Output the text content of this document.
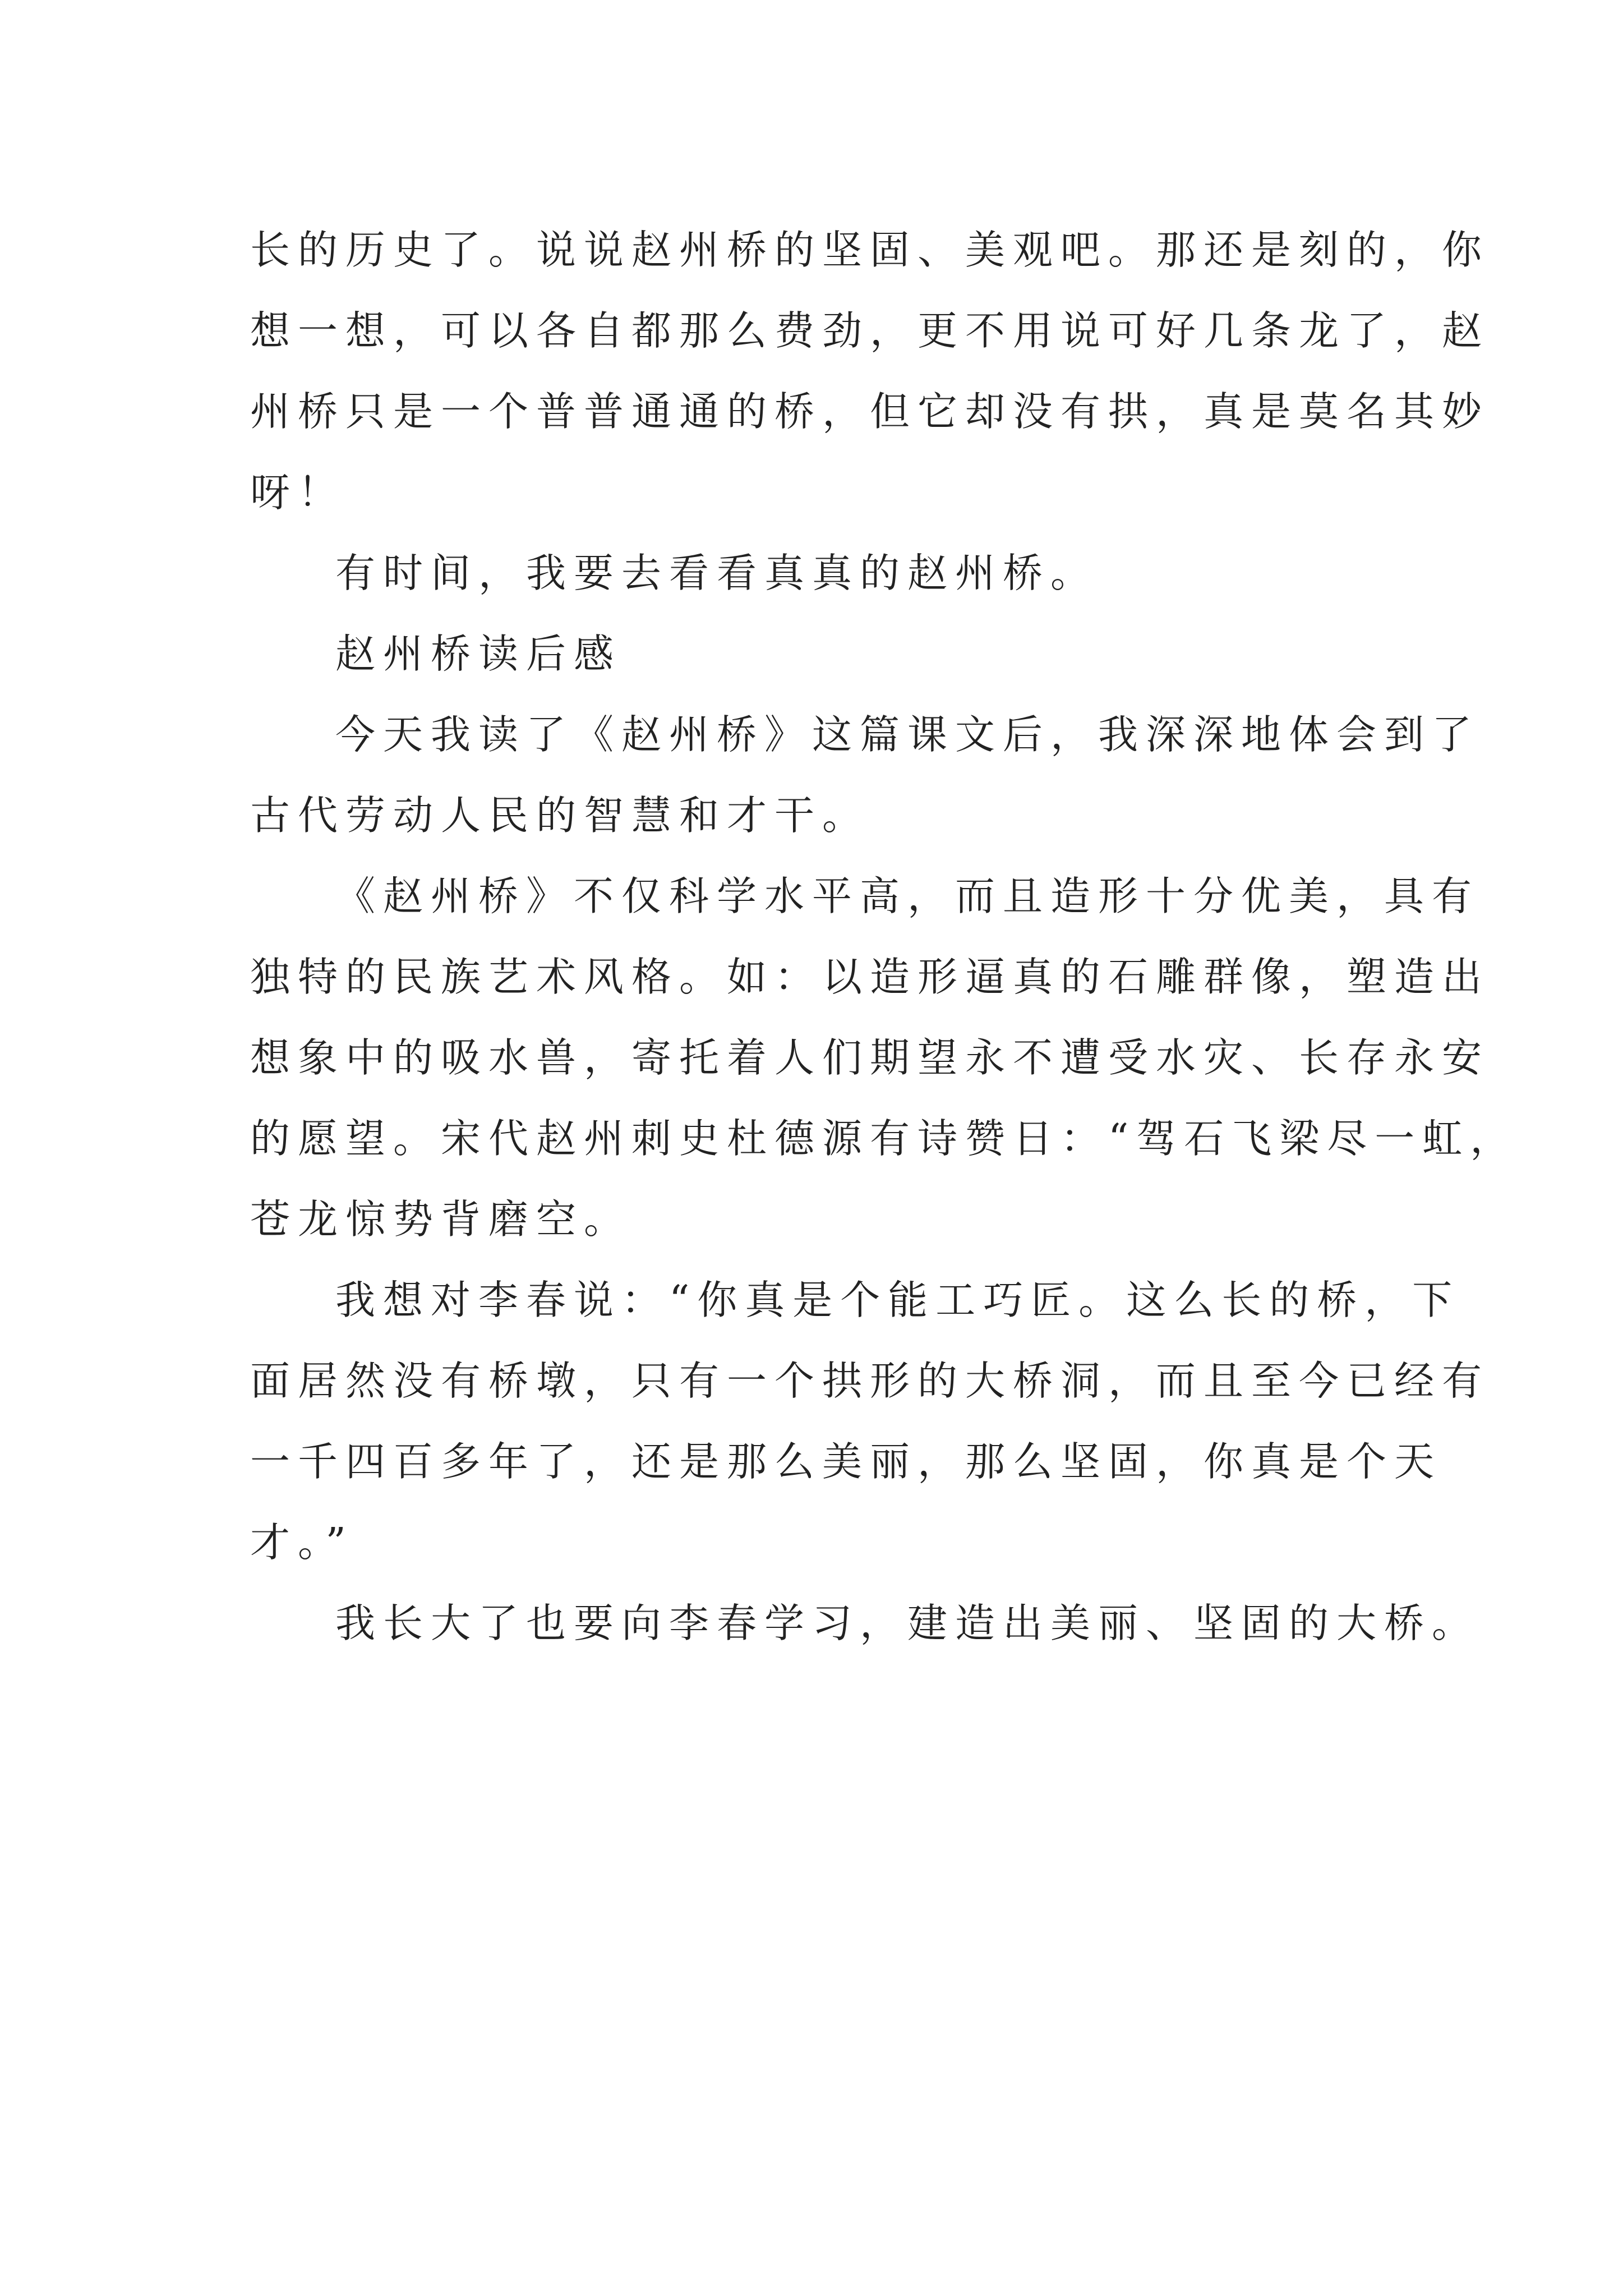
长的历史了。说说赵州桥的坚固、美观吧。那还是刻的，你
想一想，可以各自都那么费劲，更不用说可好几条龙了，赵
州桥只是一个普普通通的桥，但它却没有拱，真是莫名其妙
呀！
有时间，我要去看看真真的赵州桥。
赵州桥读后感
今天我读了《赵州桥》这篇课文后，我深深地体会到了
古代劳动人民的智慧和才干。
《赵州桥》不仅科学水平高，而且造形十分优美，具有
独特的民族艺术风格。如：以造形逼真的石雕群像，塑造出
想象中的吸水兽，寄托着人们期望永不遭受水灾、长存永安
的愿望。宋代赵州刺史杜德源有诗赞日：“驾石飞梁尽一虹，
苍龙惊势背磨空。
我想对李春说：“你真是个能工巧匠。这么长的桥，下
面居然没有桥墩，只有一个拱形的大桥洞，而且至今已经有
一千四百多年了，还是那么美丽，那么坚固，你真是个天
才。”
我长大了也要向李春学习，建造出美丽、坚固的大桥。
